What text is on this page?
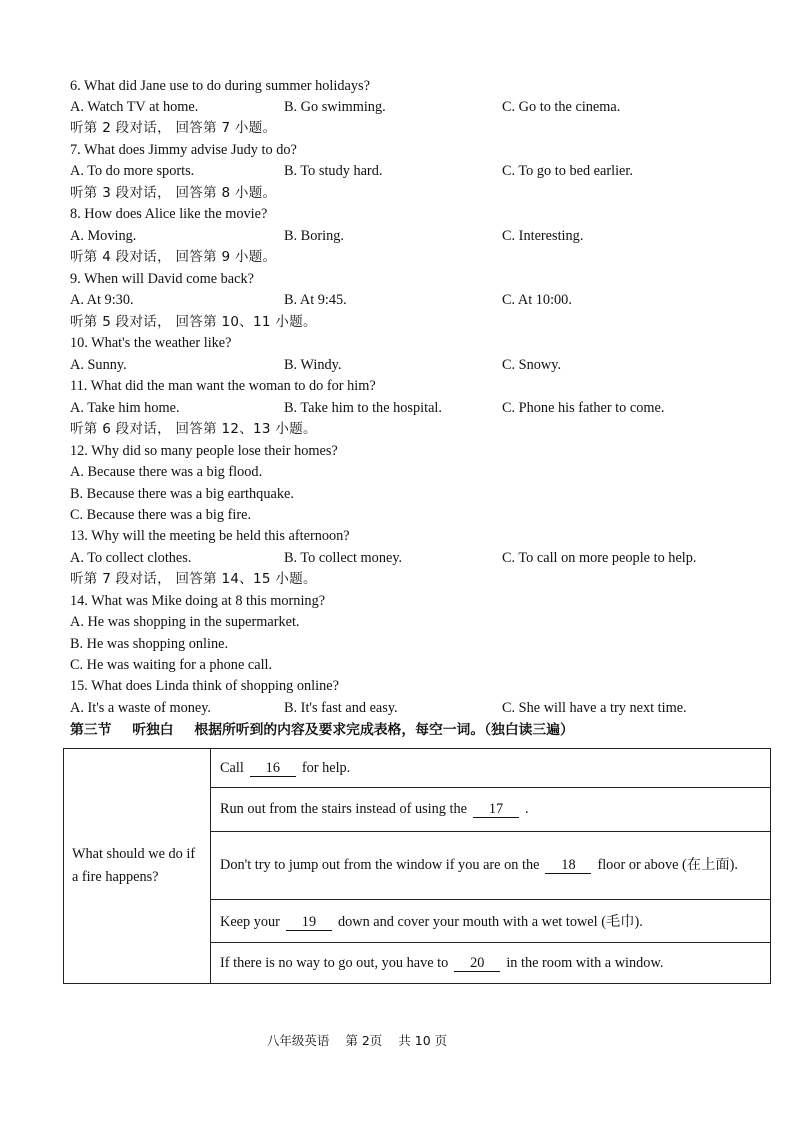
6. What did Jane use to do during summer holidays?
A. Watch TV at home.	B. Go swimming.	C. Go to the cinema.
听第 2 段对话， 回答第 7 小题。
7. What does Jimmy advise Judy to do?
A. To do more sports.	B. To study hard.	C. To go to bed earlier.
听第 3 段对话， 回答第 8 小题。
8. How does Alice like the movie?
A. Moving.	B. Boring.	C. Interesting.
听第 4 段对话， 回答第 9 小题。
9. When will David come back?
A. At 9:30.	B. At 9:45.	C. At 10:00.
听第 5 段对话， 回答第 10、11 小题。
10. What's the weather like?
A. Sunny.	B. Windy.	C. Snowy.
11. What did the man want the woman to do for him?
A. Take him home.	B. Take him to the hospital.	C. Phone his father to come.
听第 6 段对话， 回答第 12、13 小题。
12. Why did so many people lose their homes?
A. Because there was a big flood.
B. Because there was a big earthquake.
C. Because there was a big fire.
13. Why will the meeting be held this afternoon?
A. To collect clothes.	B. To collect money.	C. To call on more people to help.
听第 7 段对话， 回答第 14、15 小题。
14. What was Mike doing at 8 this morning?
A. He was shopping in the supermarket.
B. He was shopping online.
C. He was waiting for a phone call.
15. What does Linda think of shopping online?
A. It's a waste of money.	B. It's fast and easy.	C. She will have a try next time.
第三节 听独白 根据所听到的内容及要求完成表格，每空一词。（独白读三遍）
What should we do if a fire happens?	Call 16 for help.
Run out from the stairs instead of using the 17 .
Don't try to jump out from the window if you are on the 18 floor or above (在上面).
Keep your 19 down and cover your mouth with a wet towel (毛巾).
If there is no way to go out, you have to 20 in the room with a window.
八年级英语 第 2页 共 10 页
